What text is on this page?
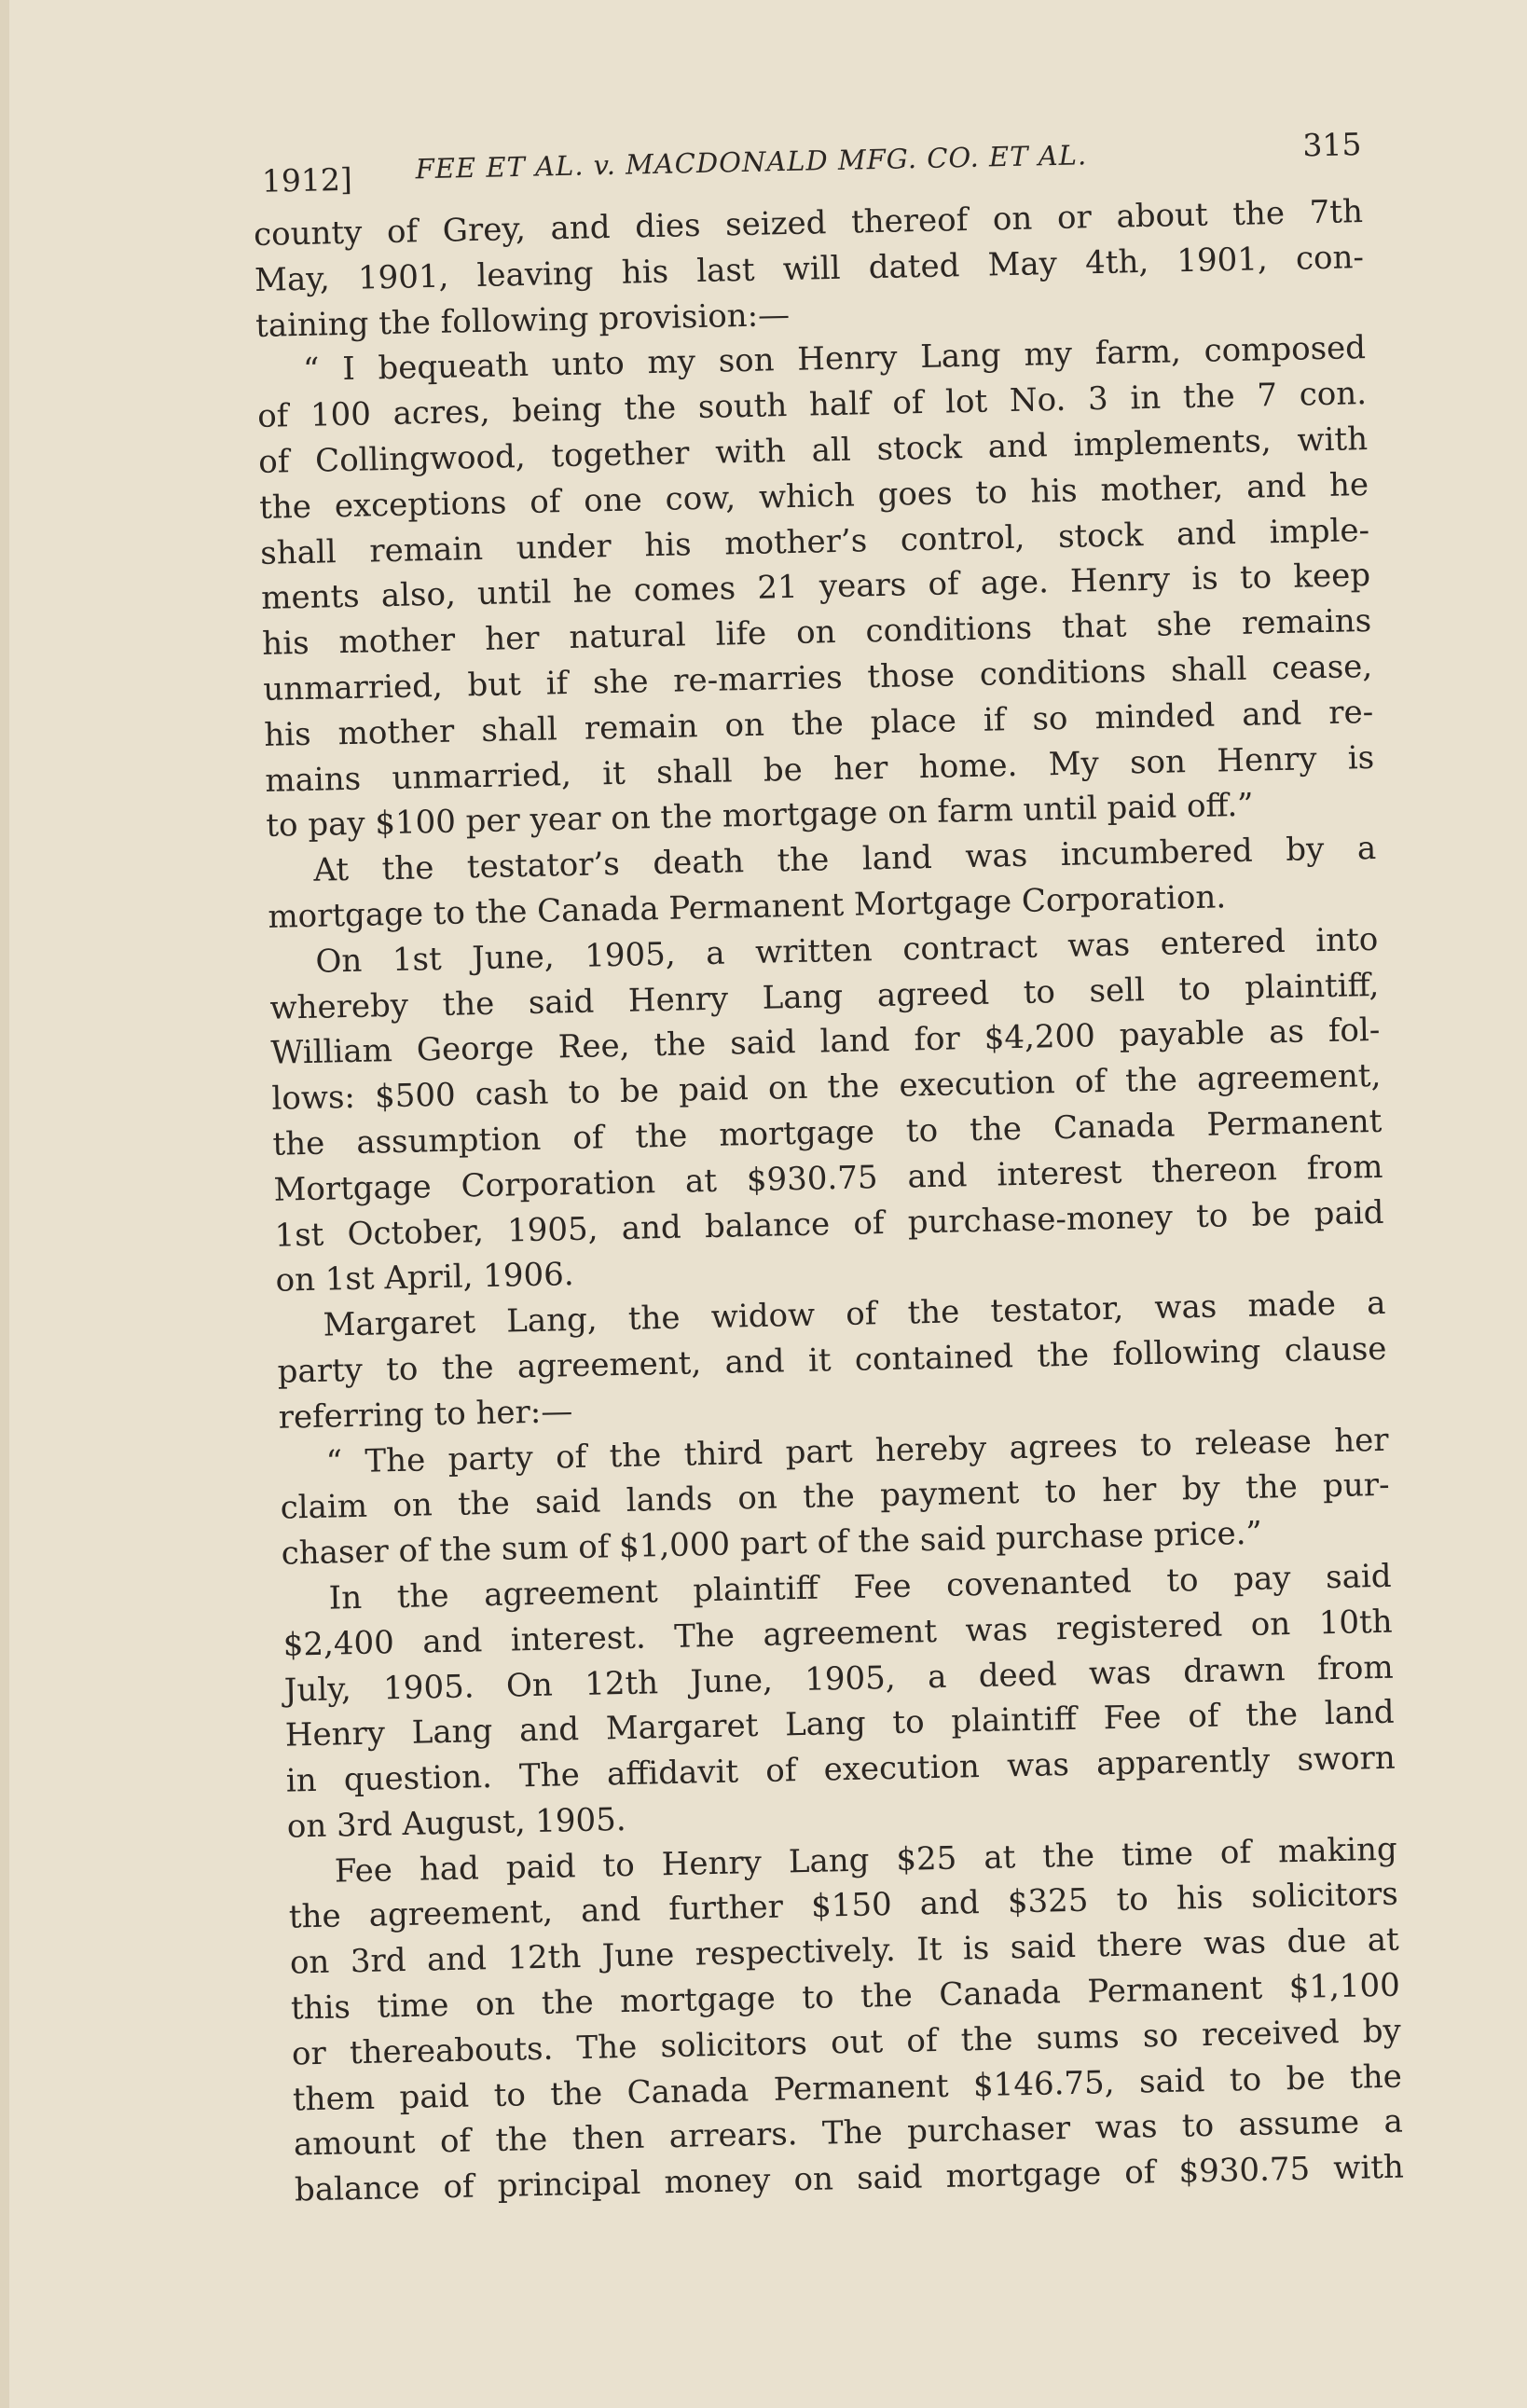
1912] FEE ET AL. v. MACDONALD MFG. CO. ET AL.	315
county of Grey, and dies seized thereof on or about the 7th
May, 1901, leaving his last will dated May 4th, 1901, con-
taining the following provision:—
“ I bequeath unto my son Henry Lang my farm, composed
of 100 acres, being the south half of lot No. 3 in the 7 con.
of Collingwood, together with all stock and implements, with
the exceptions of one cow, which goes to his mother, and he
shall remain under his mother’s control, stock and imple-
ments also, until he comes 21 years of age. Henry is to keep
his mother her natural life on conditions that she remains
unmarried, but if she re-marries those conditions shall cease,
his mother shall remain on the place if so minded and re-
mains unmarried, it shall be her home. My son Henry is
to pay $100 per year on the mortgage on farm until paid off.”
At the testator’s death the land was incumbered by a
mortgage to the Canada Permanent Mortgage Corporation.
On 1st June, 1905, a written contract was entered into
whereby the said Henry Lang agreed to sell to plaintiff,
William George Ree, the said land for $4,200 payable as fol-
lows: $500 cash to be paid on the execution of the agreement,
the assumption of the mortgage to the Canada Permanent
Mortgage Corporation at $930.75 and interest thereon from
1st October, 1905, and balance of purchase-money to be paid
on 1st April, 1906.
Margaret Lang, the widow of the testator, was made a
party to the agreement, and it contained the following clause
referring to her:—
“ The party of the third part hereby agrees to release her
claim on the said lands on the payment to her by the pur-
chaser of the sum of $1,000 part of the said purchase price.”
In the agreement plaintiff Fee covenanted to pay said
$2,400 and interest. The agreement was registered on 10th
July, 1905. On 12th June, 1905, a deed was drawn from
Henry Lang and Margaret Lang to plaintiff Fee of the land
in question. The affidavit of execution was apparently sworn
on 3rd August, 1905.
Fee had paid to Henry Lang $25 at the time of making
the agreement, and further $150 and $325 to his solicitors
on 3rd and 12th June respectively. It is said there was due at
this time on the mortgage to the Canada Permanent $1,100
or thereabouts. The solicitors out of the sums so received by
them paid to the Canada Permanent $146.75, said to be the
amount of the then arrears. The purchaser was to assume a
balance of principal money on said mortgage of $930.75 with
